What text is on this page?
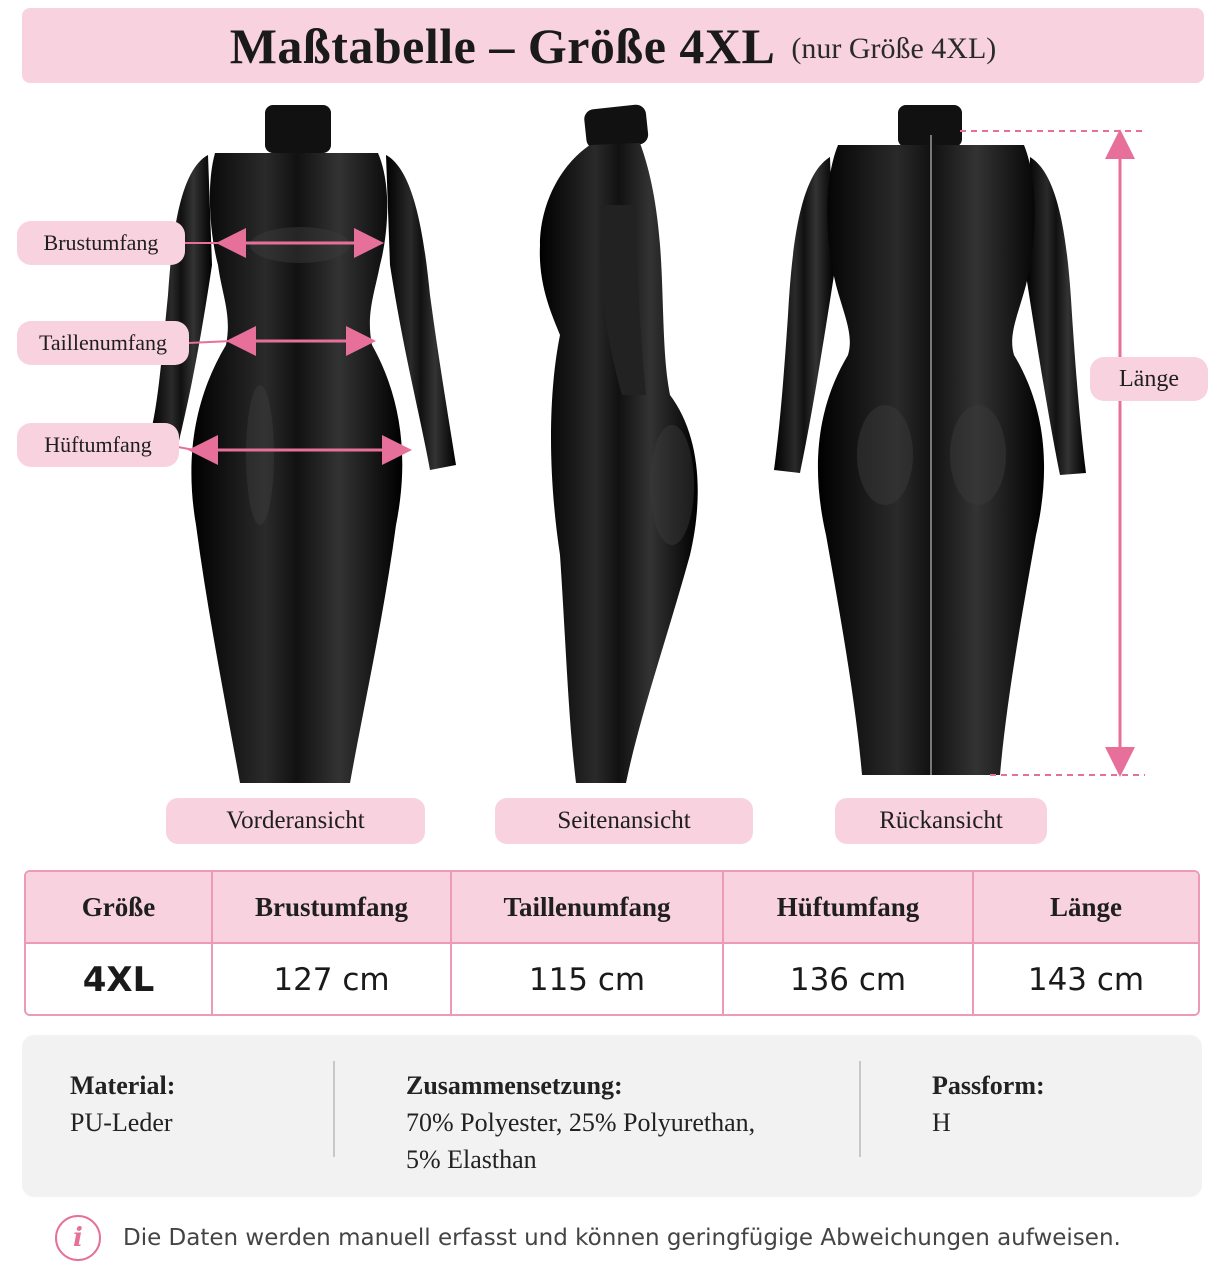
Maßtabelle – Größe 4XL (nur Größe 4XL)
Brustumfang
Taillenumfang
Hüftumfang
Länge
Vorderansicht	Seitenansicht	Rückansicht
Größe	Brustumfang	Taillenumfang	Hüftumfang	Länge
4XL	127 cm	115 cm	136 cm	143 cm
Material:
PU-Leder
Zusammensetzung:
70% Polyester, 25% Polyurethan,
5% Elasthan
Passform:
H
i	Die Daten werden manuell erfasst und können geringfügige Abweichungen aufweisen.
